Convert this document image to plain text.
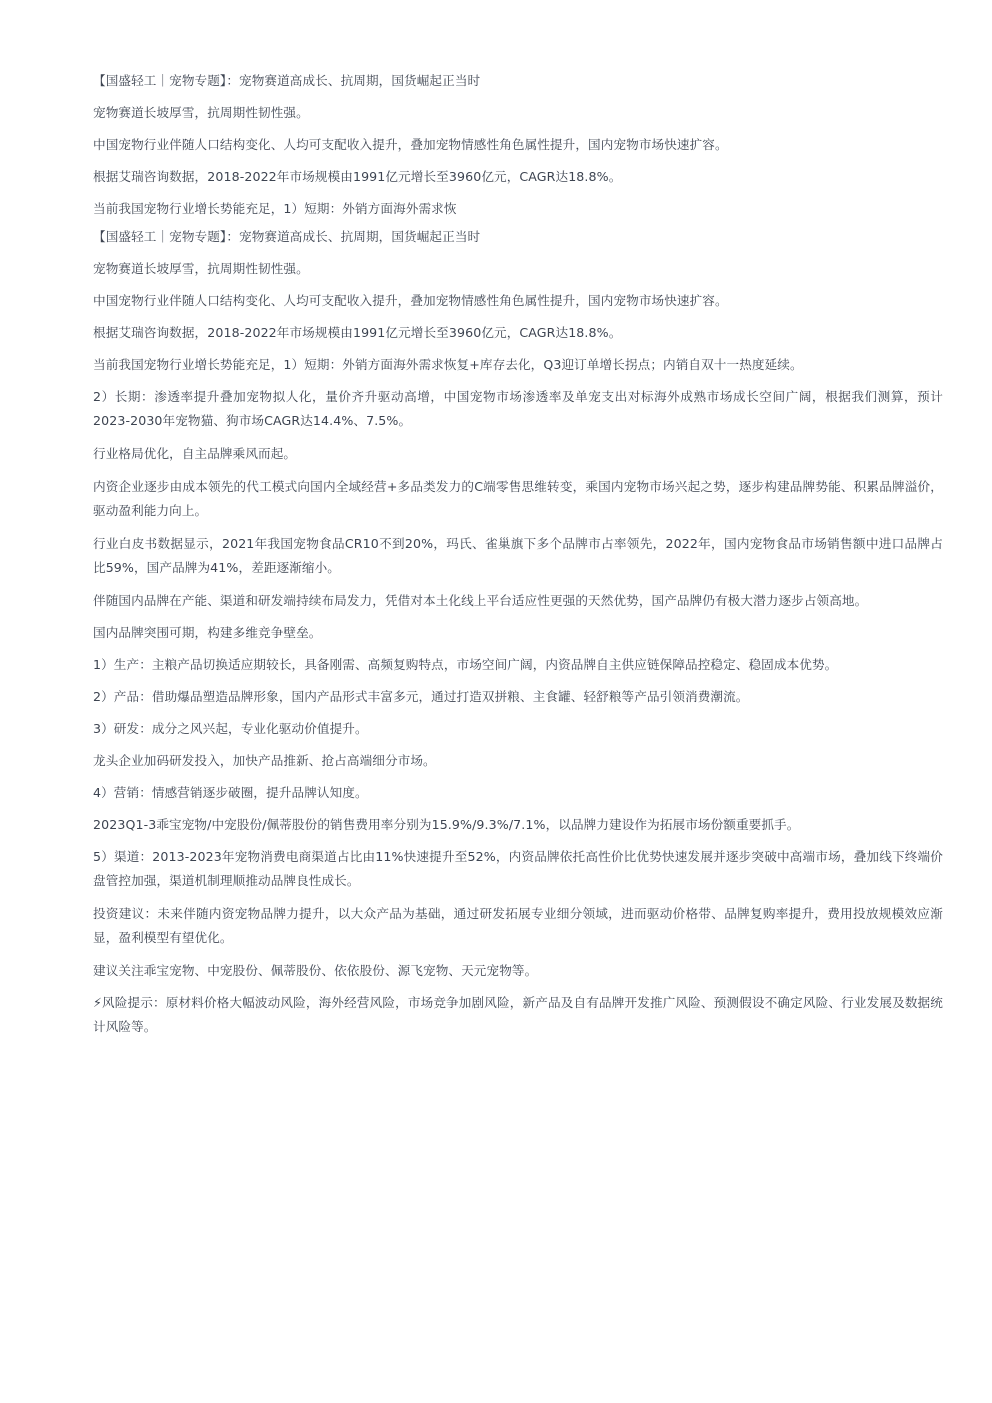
【国盛轻工｜宠物专题】：宠物赛道高成长、抗周期，国货崛起正当时

宠物赛道长坡厚雪，抗周期性韧性强。

中国宠物行业伴随人口结构变化、人均可支配收入提升，叠加宠物情感性角色属性提升，国内宠物市场快速扩容。

根据艾瑞咨询数据，2018-2022年市场规模由1991亿元增长至3960亿元，CAGR达18.8%。

当前我国宠物行业增长势能充足，1）短期：外销方面海外需求恢

【国盛轻工｜宠物专题】：宠物赛道高成长、抗周期，国货崛起正当时

宠物赛道长坡厚雪，抗周期性韧性强。

中国宠物行业伴随人口结构变化、人均可支配收入提升，叠加宠物情感性角色属性提升，国内宠物市场快速扩容。

根据艾瑞咨询数据，2018-2022年市场规模由1991亿元增长至3960亿元，CAGR达18.8%。

当前我国宠物行业增长势能充足，1）短期：外销方面海外需求恢复+库存去化，Q3迎订单增长拐点；内销自双十一热度延续。

2）长期：渗透率提升叠加宠物拟人化，量价齐升驱动高增，中国宠物市场渗透率及单宠支出对标海外成熟市场成长空间广阔，根据我们测算，预计2023-2030年宠物猫、狗市场CAGR达14.4%、7.5%。

行业格局优化，自主品牌乘风而起。

内资企业逐步由成本领先的代工模式向国内全域经营+多品类发力的C端零售思维转变，乘国内宠物市场兴起之势，逐步构建品牌势能、积累品牌溢价，驱动盈利能力向上。

行业白皮书数据显示，2021年我国宠物食品CR10不到20%，玛氏、雀巢旗下多个品牌市占率领先，2022年，国内宠物食品市场销售额中进口品牌占比59%，国产品牌为41%，差距逐渐缩小。

伴随国内品牌在产能、渠道和研发端持续布局发力，凭借对本土化线上平台适应性更强的天然优势，国产品牌仍有极大潜力逐步占领高地。

国内品牌突围可期，构建多维竞争壁垒。

1）生产：主粮产品切换适应期较长，具备刚需、高频复购特点，市场空间广阔，内资品牌自主供应链保障品控稳定、稳固成本优势。

2）产品：借助爆品塑造品牌形象，国内产品形式丰富多元，通过打造双拼粮、主食罐、轻舒粮等产品引领消费潮流。

3）研发：成分之风兴起，专业化驱动价值提升。

龙头企业加码研发投入，加快产品推新、抢占高端细分市场。

4）营销：情感营销逐步破圈，提升品牌认知度。

2023Q1-3乖宝宠物/中宠股份/佩蒂股份的销售费用率分别为15.9%/9.3%/7.1%，以品牌力建设作为拓展市场份额重要抓手。

5）渠道：2013-2023年宠物消费电商渠道占比由11%快速提升至52%，内资品牌依托高性价比优势快速发展并逐步突破中高端市场，叠加线下终端价盘管控加强，渠道机制理顺推动品牌良性成长。

投资建议：未来伴随内资宠物品牌力提升，以大众产品为基础，通过研发拓展专业细分领域，进而驱动价格带、品牌复购率提升，费用投放规模效应渐显，盈利模型有望优化。

建议关注乖宝宠物、中宠股份、佩蒂股份、依依股份、源飞宠物、天元宠物等。

⚡风险提示：原材料价格大幅波动风险，海外经营风险，市场竞争加剧风险，新产品及自有品牌开发推广风险、预测假设不确定风险、行业发展及数据统计风险等。
